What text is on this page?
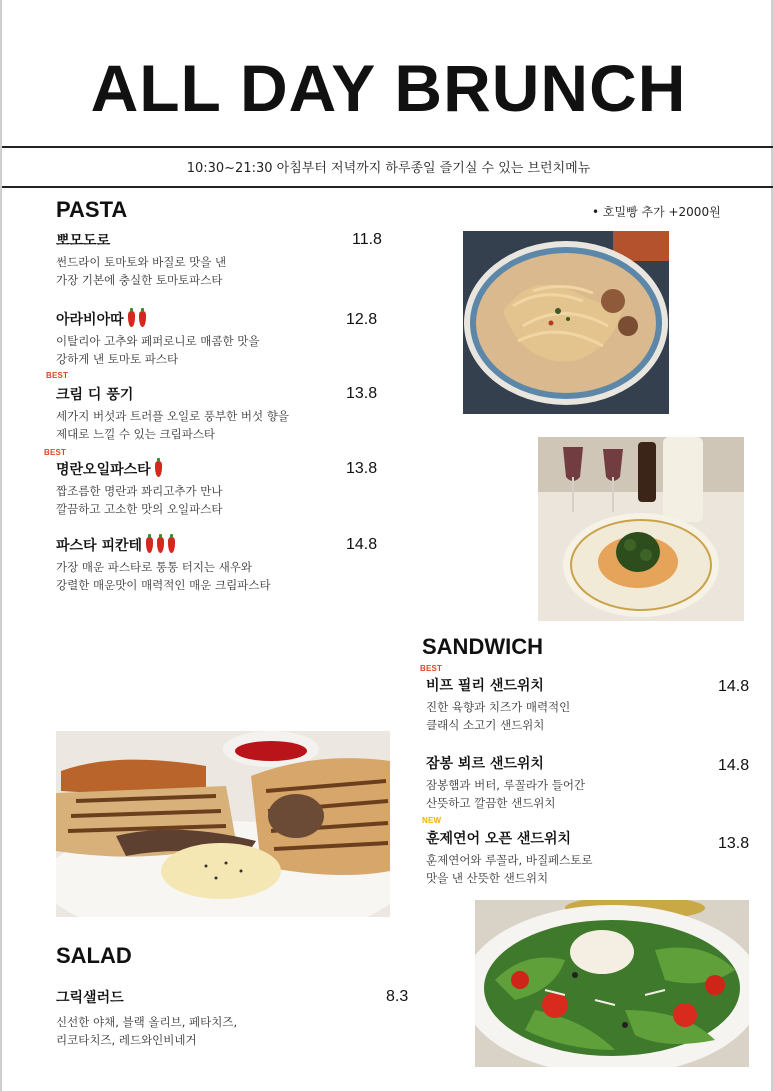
ALL DAY BRUNCH
10:30~21:30 아침부터 저녁까지 하루종일 즐기실 수 있는 브런치메뉴
PASTA	• 호밀빵 추가 +2000원
뽀모도로
썬드라이 토마토와 바질로 맛을 낸
가장 기본에 충실한 토마토파스타
11.8
아라비아따
이탈리아 고추와 페퍼로니로 매콤한 맛을
강하게 낸 토마토 파스타
12.8
BEST
크림 디 풍기
세가지 버섯과 트러플 오일로 풍부한 버섯 향을
제대로 느낄 수 있는 크림파스타
13.8
BEST
명란오일파스타
짭조름한 명란과 꽈리고추가 만나
깔끔하고 고소한 맛의 오일파스타
13.8
파스타 피칸테
가장 매운 파스타로 통통 터지는 새우와
강렬한 매운맛이 매력적인 매운 크림파스타
14.8
SANDWICH
BEST
비프 필리 샌드위치
진한 육향과 치즈가 매력적인
클래식 소고기 샌드위치
14.8
잠봉 뵈르 샌드위치
잠봉햄과 버터, 루꼴라가 들어간
산뜻하고 깔끔한 샌드위치
14.8
NEW
훈제연어 오픈 샌드위치
훈제연어와 루꼴라, 바질페스토로
맛을 낸 산뜻한 샌드위치
13.8
SALAD
그릭샐러드
신선한 야채, 블랙 올리브, 페타치즈,
리코타치즈, 레드와인비네거
8.3
